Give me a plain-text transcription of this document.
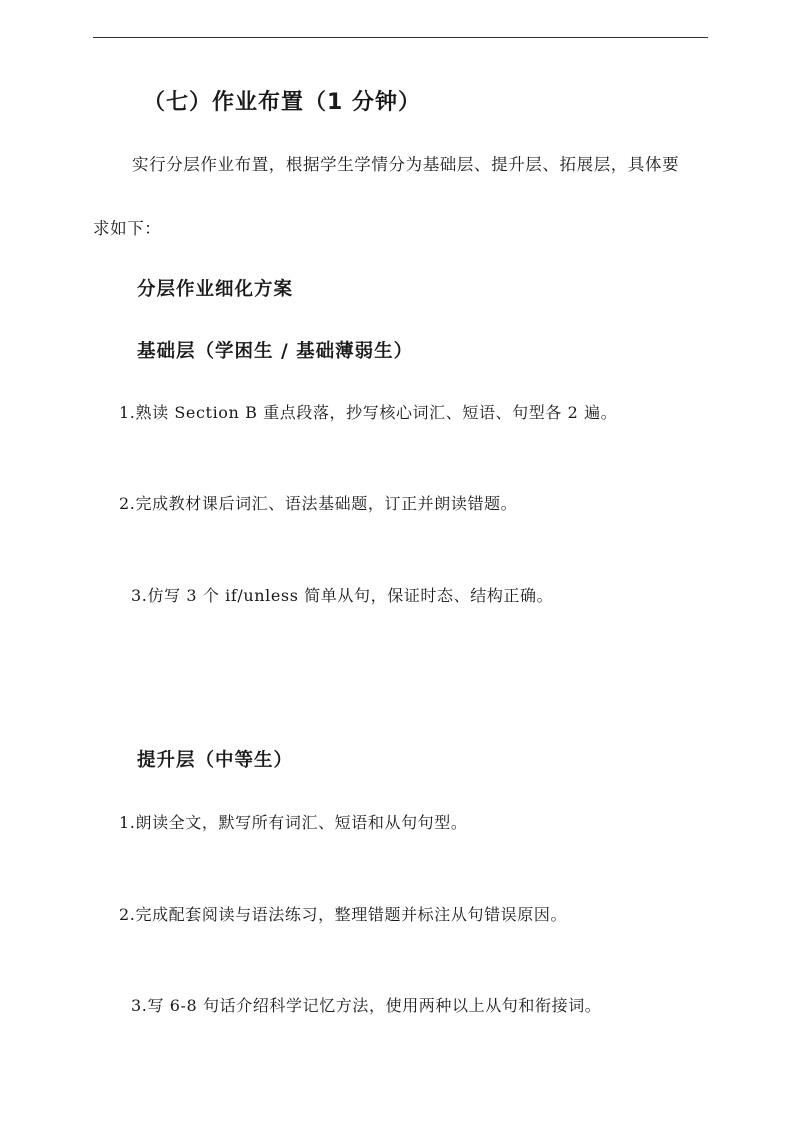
（七）作业布置（1 分钟）

实行分层作业布置，根据学生学情分为基础层、提升层、拓展层，具体要

求如下：

分层作业细化方案
基础层（学困生 / 基础薄弱生）

1.熟读 Section B 重点段落，抄写核心词汇、短语、句型各 2 遍。

2.完成教材课后词汇、语法基础题，订正并朗读错题。

3.仿写 3 个 if/unless 简单从句，保证时态、结构正确。

提升层（中等生）

1.朗读全文，默写所有词汇、短语和从句句型。

2.完成配套阅读与语法练习，整理错题并标注从句错误原因。

3.写 6-8 句话介绍科学记忆方法，使用两种以上从句和衔接词。
